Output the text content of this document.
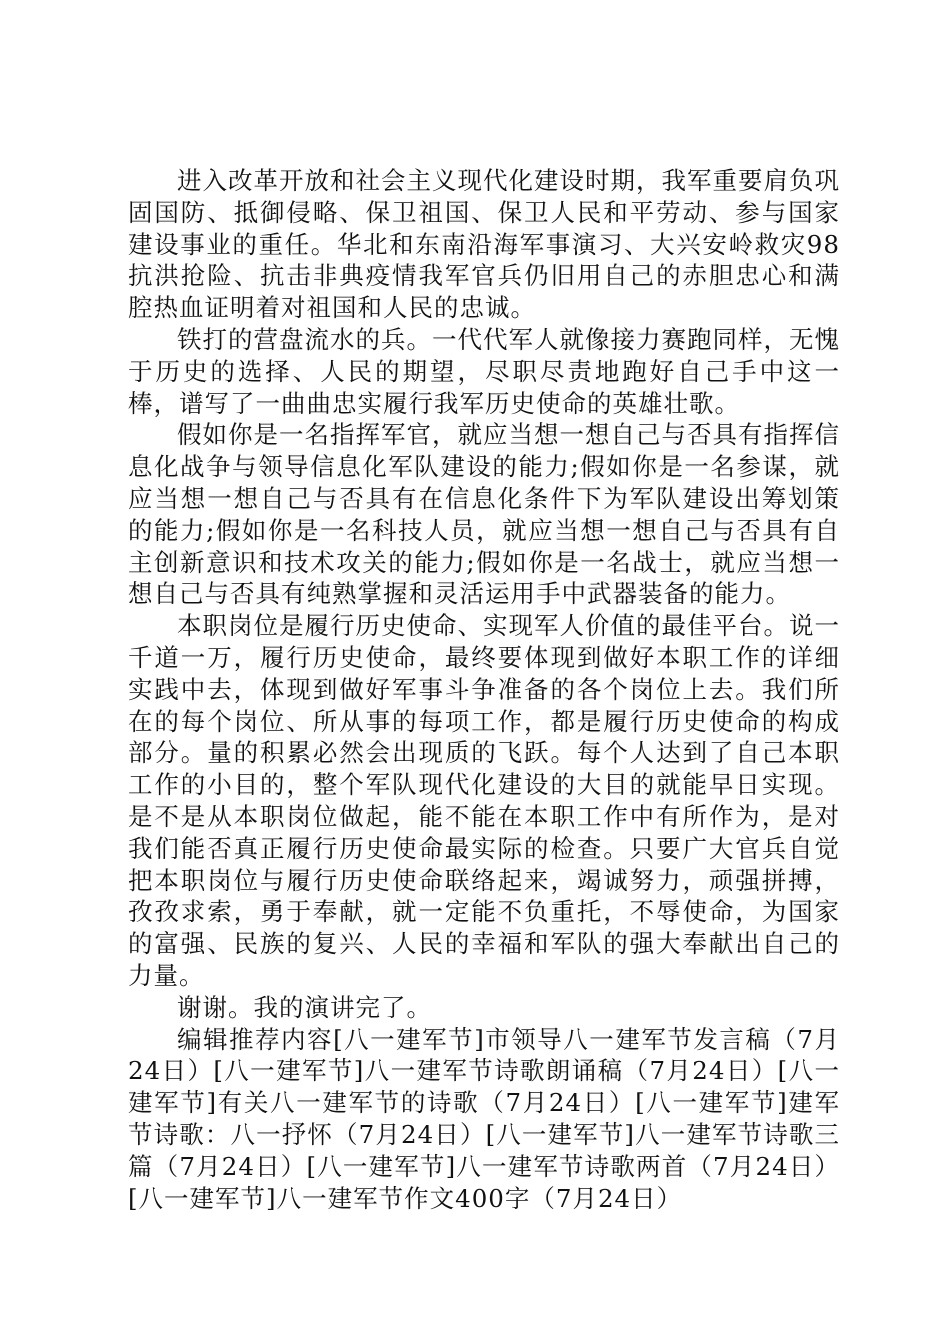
进入改革开放和社会主义现代化建设时期，我军重要肩负巩固国防、抵御侵略、保卫祖国、保卫人民和平劳动、参与国家建设事业的重任。华北和东南沿海军事演习、大兴安岭救灾98抗洪抢险、抗击非典疫情我军官兵仍旧用自己的赤胆忠心和满腔热血证明着对祖国和人民的忠诚。

铁打的营盘流水的兵。一代代军人就像接力赛跑同样，无愧于历史的选择、人民的期望，尽职尽责地跑好自己手中这一棒，谱写了一曲曲忠实履行我军历史使命的英雄壮歌。

假如你是一名指挥军官，就应当想一想自己与否具有指挥信息化战争与领导信息化军队建设的能力;假如你是一名参谋，就应当想一想自己与否具有在信息化条件下为军队建设出筹划策的能力;假如你是一名科技人员，就应当想一想自己与否具有自主创新意识和技术攻关的能力;假如你是一名战士，就应当想一想自己与否具有纯熟掌握和灵活运用手中武器装备的能力。

本职岗位是履行历史使命、实现军人价值的最佳平台。说一千道一万，履行历史使命，最终要体现到做好本职工作的详细实践中去，体现到做好军事斗争准备的各个岗位上去。我们所在的每个岗位、所从事的每项工作，都是履行历史使命的构成部分。量的积累必然会出现质的飞跃。每个人达到了自己本职工作的小目的，整个军队现代化建设的大目的就能早日实现。是不是从本职岗位做起，能不能在本职工作中有所作为，是对我们能否真正履行历史使命最实际的检查。只要广大官兵自觉把本职岗位与履行历史使命联络起来，竭诚努力，顽强拼搏，孜孜求索，勇于奉献，就一定能不负重托，不辱使命，为国家的富强、民族的复兴、人民的幸福和军队的强大奉献出自己的力量。

谢谢。我的演讲完了。

编辑推荐内容[八一建军节]市领导八一建军节发言稿（7月24日）[八一建军节]八一建军节诗歌朗诵稿（7月24日）[八一建军节]有关八一建军节的诗歌（7月24日）[八一建军节]建军节诗歌：八一抒怀（7月24日）[八一建军节]八一建军节诗歌三篇（7月24日）[八一建军节]八一建军节诗歌两首（7月24日）[八一建军节]八一建军节作文400字（7月24日）
